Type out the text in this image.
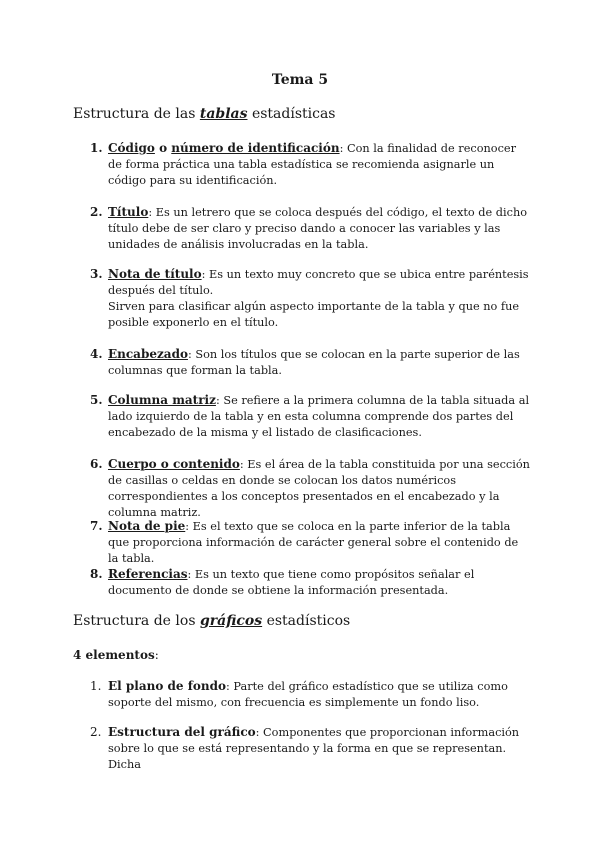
Tema 5
Estructura de las tablas estadísticas
1. Código o número de identificación: Con la finalidad de reconocer de forma práctica una tabla estadística se recomienda asignarle un código para su identificación.
2. Título: Es un letrero que se coloca después del código, el texto de dicho título debe de ser claro y preciso dando a conocer las variables y las unidades de análisis involucradas en la tabla.
3. Nota de título: Es un texto muy concreto que se ubica entre paréntesis después del título.
Sirven para clasificar algún aspecto importante de la tabla y que no fue posible exponerlo en el título.
4. Encabezado: Son los títulos que se colocan en la parte superior de las columnas que forman la tabla.
5. Columna matriz: Se refiere a la primera columna de la tabla situada al lado izquierdo de la tabla y en esta columna comprende dos partes del encabezado de la misma y el listado de clasificaciones.
6. Cuerpo o contenido: Es el área de la tabla constituida por una sección de casillas o celdas en donde se colocan los datos numéricos correspondientes a los conceptos presentados en el encabezado y la columna matriz.
7. Nota de pie: Es el texto que se coloca en la parte inferior de la tabla que proporciona información de carácter general sobre el contenido de la tabla.
8. Referencias: Es un texto que tiene como propósitos señalar el documento de donde se obtiene la información presentada.
Estructura de los gráficos estadísticos
4 elementos:
1. El plano de fondo: Parte del gráfico estadístico que se utiliza como soporte del mismo, con frecuencia es simplemente un fondo liso.
2. Estructura del gráfico: Componentes que proporcionan información sobre lo que se está representando y la forma en que se representan. Dicha
